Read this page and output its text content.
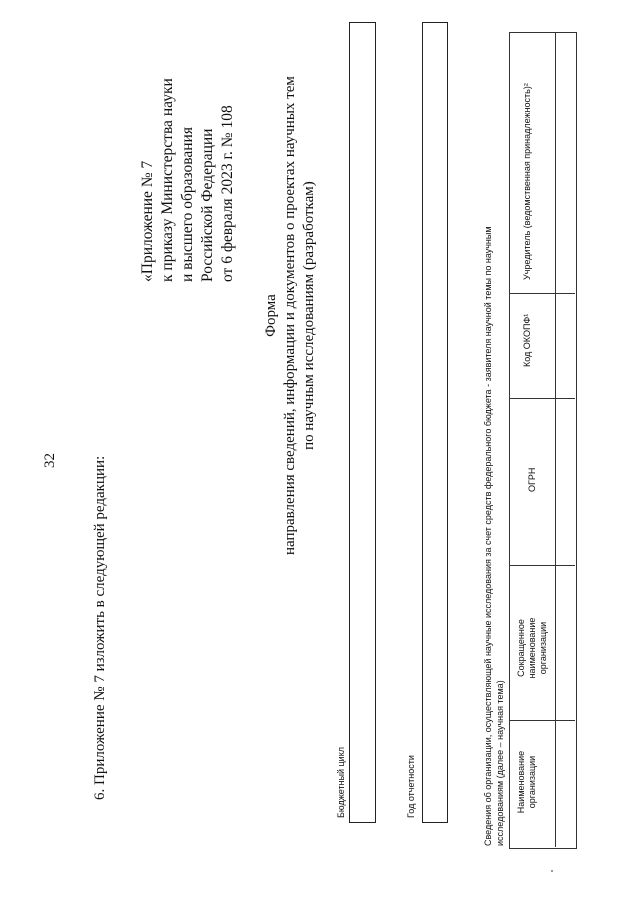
32 6. Приложение № 7 изложить в следующей редакции:
«Приложение № 7 к приказу Министерства науки и высшего образования Российской Федерации от 6 февраля 2023 г. № 108
Форма направления сведений, информации и документов о проектах научных тем по научным исследованиям (разработкам)
Бюджетный цикл	Год отчетности	Сведения об организации, осуществляющей научные исследования за счет средств федерального бюджета - заявителя научной темы по научным исследованиям (далее – научная тема) Наименование организации
Сокращенное наименование организации
ОГРН
Код ОКОПФ¹
Учредитель (ведомственная принадлежность)²
